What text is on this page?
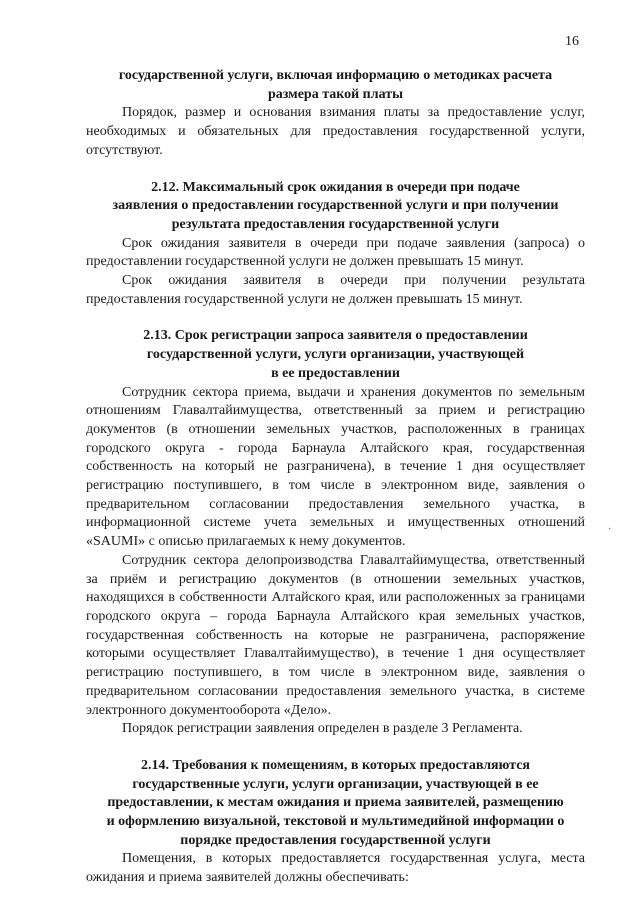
16
государственной услуги, включая информацию о методиках расчета
размера такой платы

Порядок, размер и основания взимания платы за предоставление услуг, необходимых и обязательных для предоставления государственной услуги, отсутствуют.

2.12. Максимальный срок ожидания в очереди при подаче
заявления о предоставлении государственной услуги и при получении
результата предоставления государственной услуги

Срок ожидания заявителя в очереди при подаче заявления (запроса) о предоставлении государственной услуги не должен превышать 15 минут.

Срок ожидания заявителя в очереди при получении результата предоставления государственной услуги не должен превышать 15 минут.

2.13. Срок регистрации запроса заявителя о предоставлении
государственной услуги, услуги организации, участвующей
в ее предоставлении

Сотрудник сектора приема, выдачи и хранения документов по земельным отношениям Главалтайимущества, ответственный за прием и регистрацию документов (в отношении земельных участков, расположенных в границах городского округа - города Барнаула Алтайского края, государственная собственность на который не разграничена), в течение 1 дня осуществляет регистрацию поступившего, в том числе в электронном виде, заявления о предварительном согласовании предоставления земельного участка, в информационной системе учета земельных и имущественных отношений «SAUMI» с описью прилагаемых к нему документов.

Сотрудник сектора делопроизводства Главалтайимущества, ответственный за приём и регистрацию документов (в отношении земельных участков, находящихся в собственности Алтайского края, или расположенных за границами городского округа – города Барнаула Алтайского края земельных участков, государственная собственность на которые не разграничена, распоряжение которыми осуществляет Главалтайимущество), в течение 1 дня осуществляет регистрацию поступившего, в том числе в электронном виде, заявления о предварительном согласовании предоставления земельного участка, в системе электронного документооборота «Дело».

Порядок регистрации заявления определен в разделе 3 Регламента.

2.14. Требования к помещениям, в которых предоставляются
государственные услуги, услуги организации, участвующей в ее
предоставлении, к местам ожидания и приема заявителей, размещению
и оформлению визуальной, текстовой и мультимедийной информации о
порядке предоставления государственной услуги

Помещения, в которых предоставляется государственная услуга, места ожидания и приема заявителей должны обеспечивать:

·
